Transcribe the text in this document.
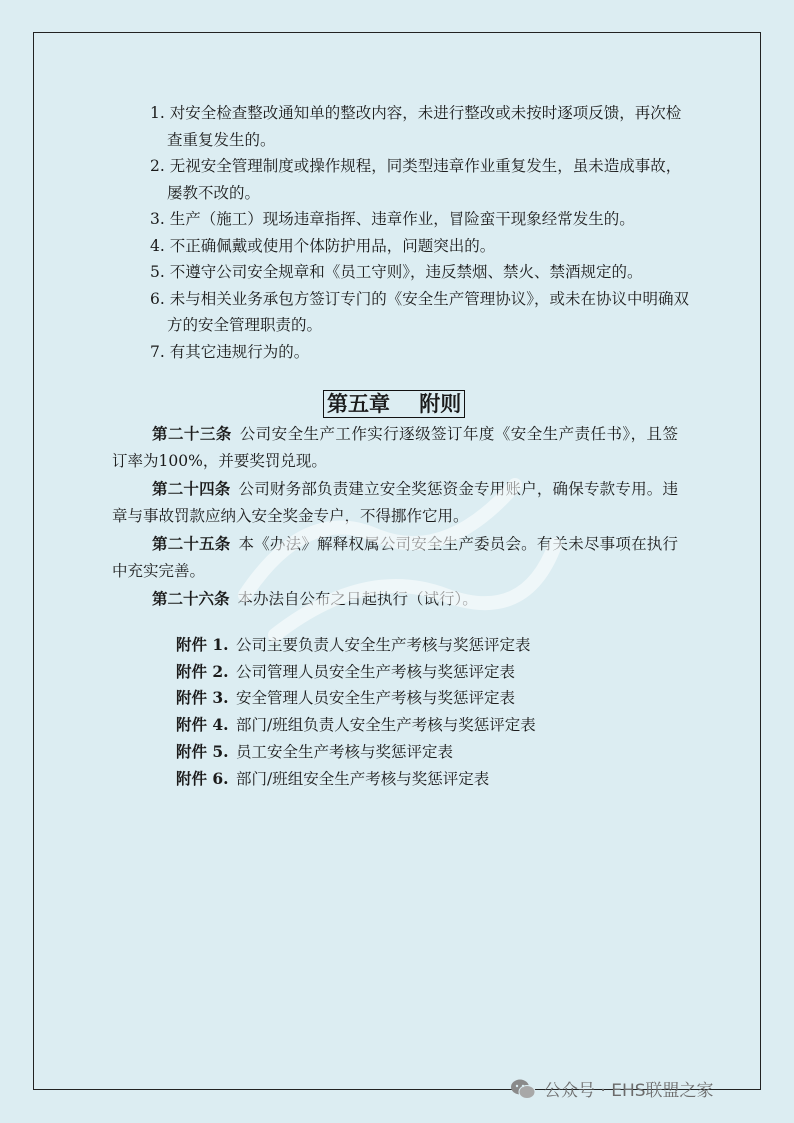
1. 对安全检查整改通知单的整改内容，未进行整改或未按时逐项反馈，再次检查重复发生的。
2. 无视安全管理制度或操作规程，同类型违章作业重复发生，虽未造成事故，屡教不改的。
3. 生产（施工）现场违章指挥、违章作业，冒险蛮干现象经常发生的。
4. 不正确佩戴或使用个体防护用品，问题突出的。
5. 不遵守公司安全规章和《员工守则》，违反禁烟、禁火、禁酒规定的。
6. 未与相关业务承包方签订专门的《安全生产管理协议》，或未在协议中明确双方的安全管理职责的。
7. 有其它违规行为的。
第五章    附则

第二十三条 公司安全生产工作实行逐级签订年度《安全生产责任书》，且签订率为100%，并要奖罚兑现。

第二十四条 公司财务部负责建立安全奖惩资金专用账户，确保专款专用。违章与事故罚款应纳入安全奖金专户，不得挪作它用。

第二十五条 本《办法》解释权属公司安全生产委员会。有关未尽事项在执行中充实完善。

第二十六条 本办法自公布之日起执行（试行）。

附件 1. 公司主要负责人安全生产考核与奖惩评定表
附件 2. 公司管理人员安全生产考核与奖惩评定表
附件 3. 安全管理人员安全生产考核与奖惩评定表
附件 4. 部门/班组负责人安全生产考核与奖惩评定表
附件 5. 员工安全生产考核与奖惩评定表
附件 6. 部门/班组安全生产考核与奖惩评定表
公众号 · EHS联盟之家
